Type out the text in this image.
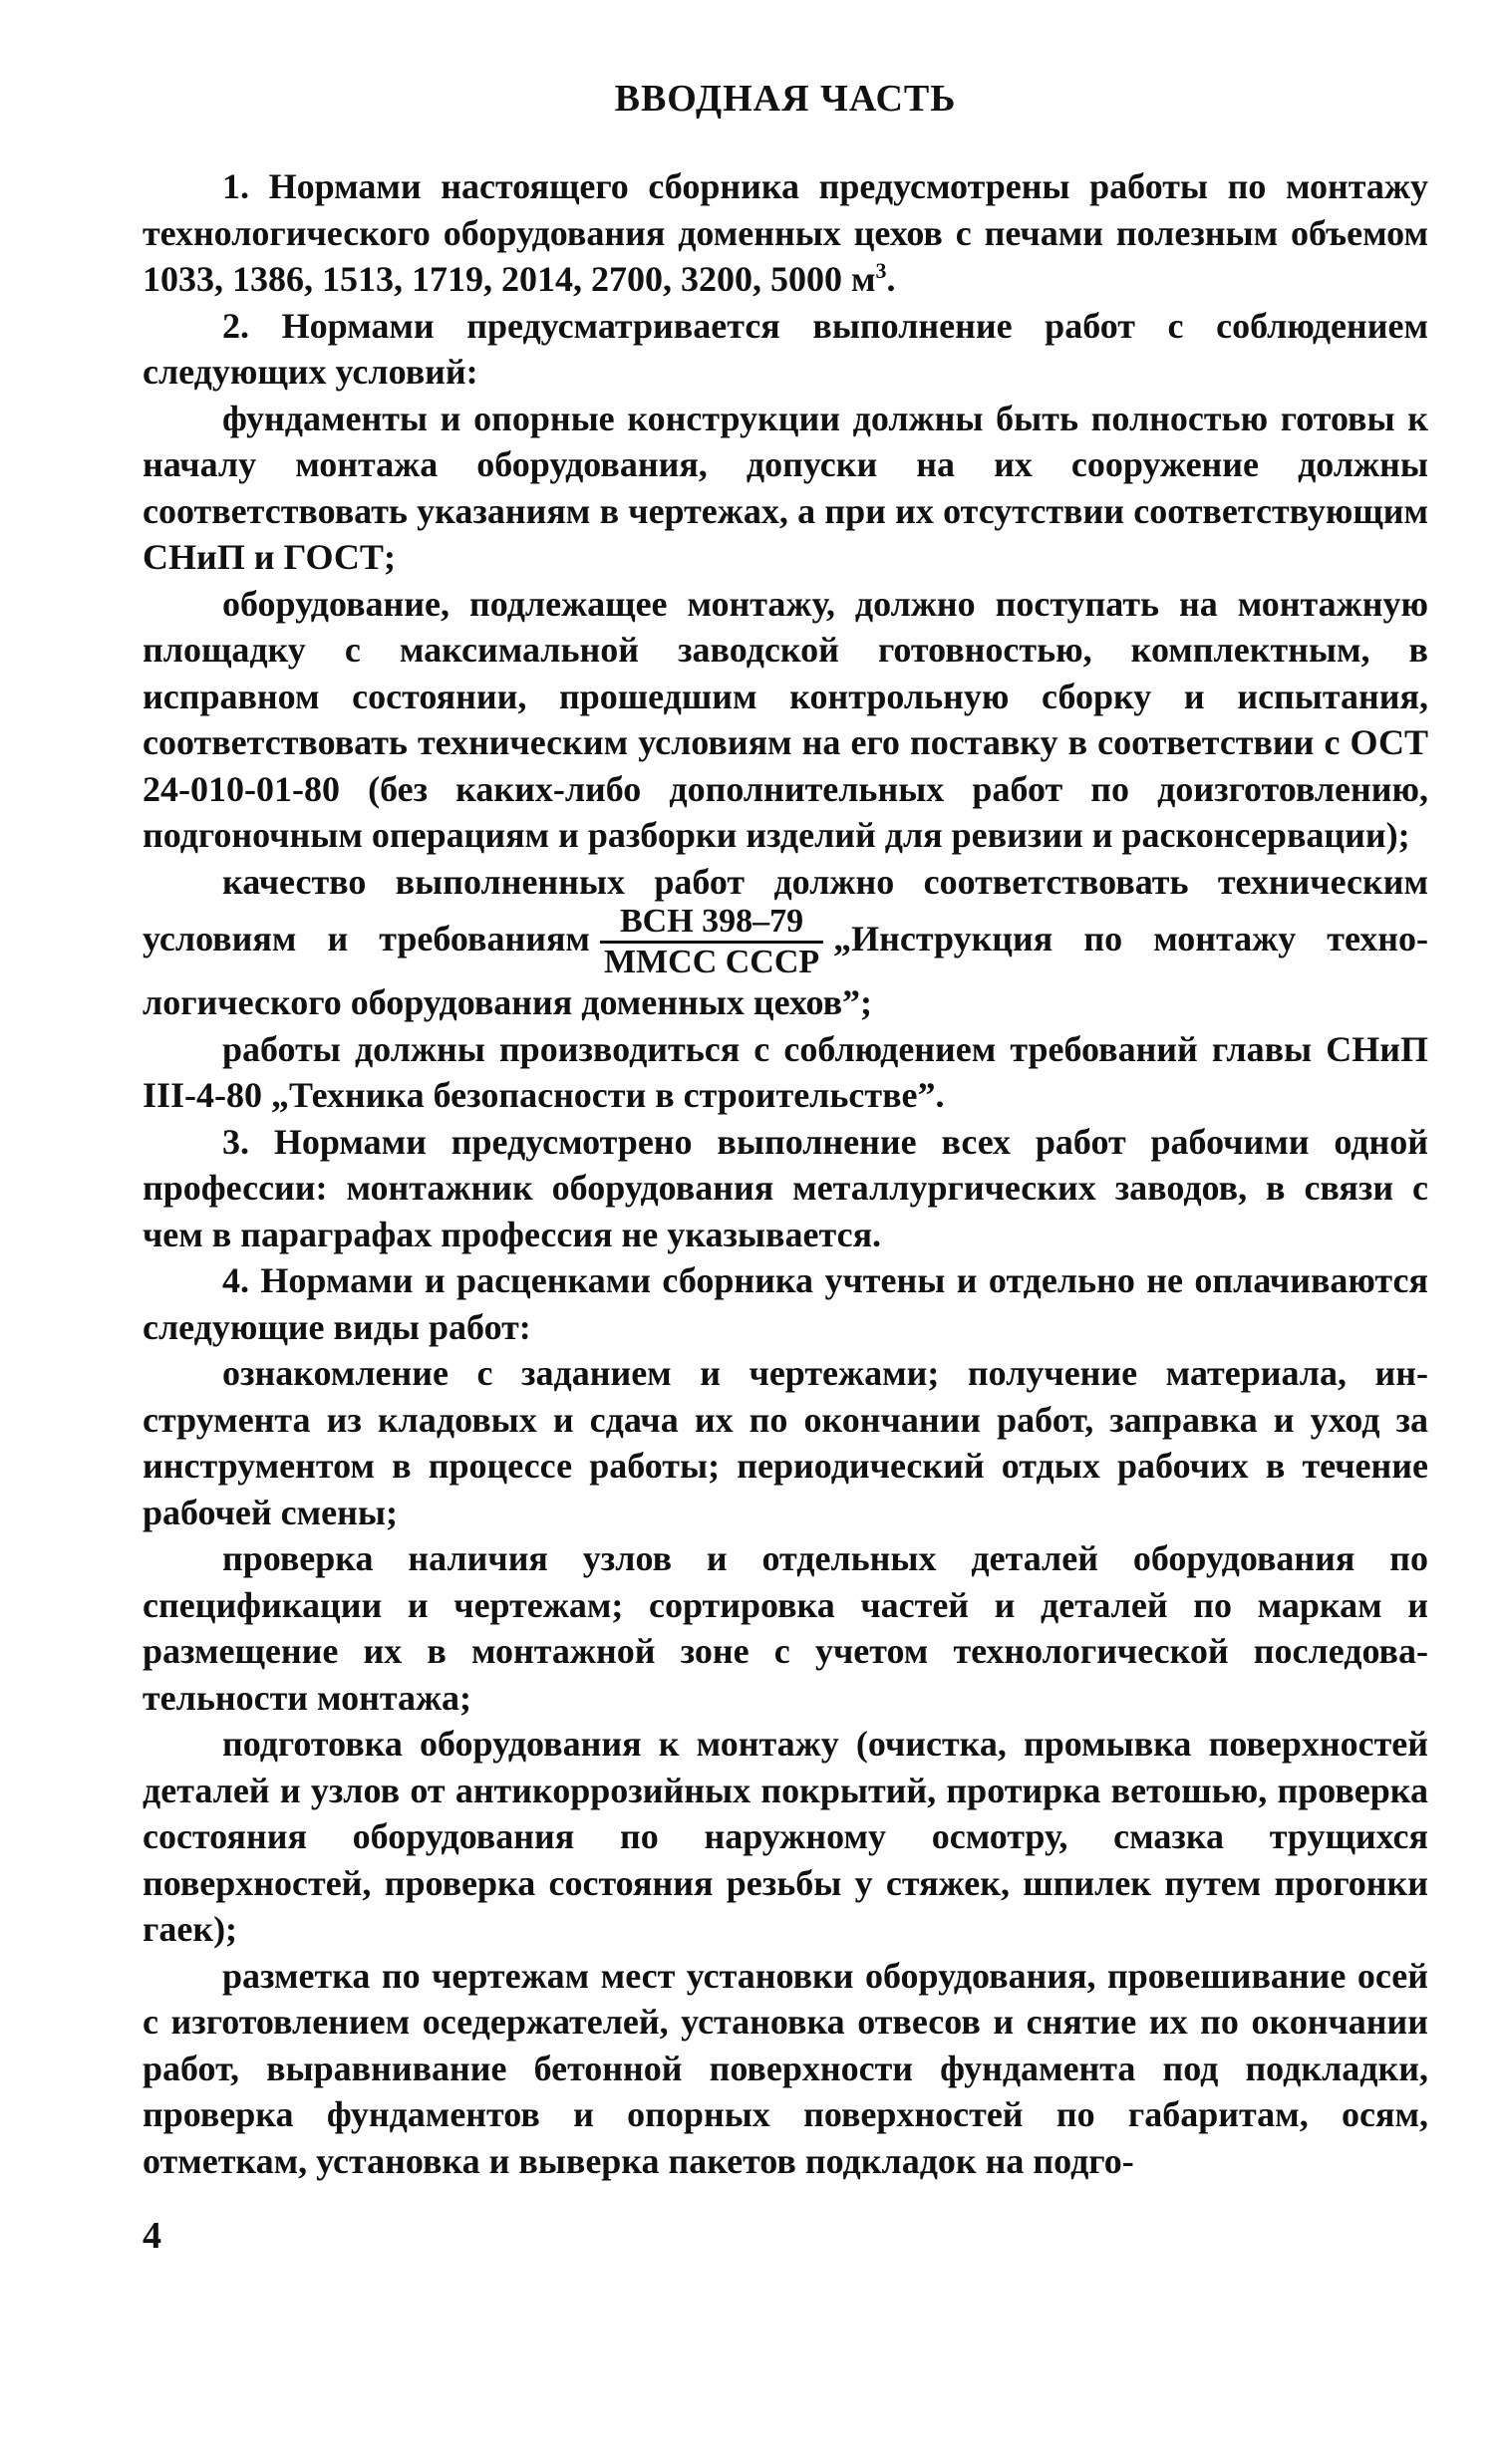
ВВОДНАЯ ЧАСТЬ

1. Нормами настоящего сборника предусмотрены работы по монтажу технологического оборудования доменных цехов с печами полезным объемом 1033, 1386, 1513, 1719, 2014, 2700, 3200, 5000 $м^3$.

2. Нормами предусматривается выполнение работ с соблюдением следующих условий:

фундаменты и опорные конструкции должны быть полностью готовы к началу монтажа оборудования, допуски на их сооружение должны соответствовать указаниям в чертежах, а при их отсутствии соответствующим СНиП и ГОСТ;

оборудование, подлежащее монтажу, должно поступать на монтажную площадку с максимальной заводской готовностью, комплектным, в исправном состоянии, прошедшим контрольную сборку и испытания, соответствовать техническим условиям на его поставку в соответствии с ОСТ 24-010-01-80 (без каких-либо дополнительных работ по доизготовлению, подгоночным операциям и разборки изделий для ревизии и расконсервации);

качество выполненных работ должно соответствовать техническим условиям и требованиям $\frac{\text{ВСН 398–79}}{\text{ММСС СССР}}$ „Инструкция по монтажу технологического оборудования доменных цехов”;

работы должны производиться с соблюдением требований главы СНиП III-4-80 „Техника безопасности в строительстве”.

3. Нормами предусмотрено выполнение всех работ рабочими одной профессии: монтажник оборудования металлургических заводов, в связи с чем в параграфах профессия не указывается.

4. Нормами и расценками сборника учтены и отдельно не оплачиваются следующие виды работ:

ознакомление с заданием и чертежами; получение материала, инструмента из кладовых и сдача их по окончании работ, заправка и уход за инструментом в процессе работы; периодический отдых рабочих в течение рабочей смены;

проверка наличия узлов и отдельных деталей оборудования по спецификации и чертежам; сортировка частей и деталей по маркам и размещение их в монтажной зоне с учетом технологической последовательности монтажа;

подготовка оборудования к монтажу (очистка, промывка поверхностей деталей и узлов от антикоррозийных покрытий, протирка ветошью, проверка состояния оборудования по наружному осмотру, смазка трущихся поверхностей, проверка состояния резьбы у стяжек, шпилек путем прогонки гаек);

разметка по чертежам мест установки оборудования, провешивание осей с изготовлением оседержателей, установка отвесов и снятие их по окончании работ, выравнивание бетонной поверхности фундамента под подкладки, проверка фундаментов и опорных поверхностей по габаритам, осям, отметкам, установка и выверка пакетов подкладок на подго-

4
